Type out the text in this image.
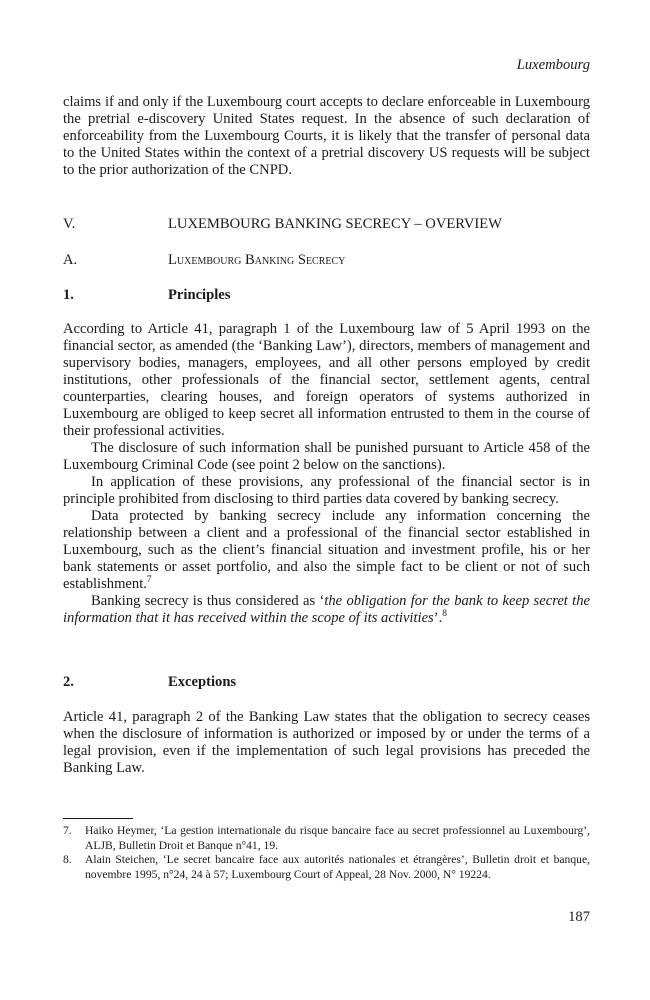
Luxembourg

claims if and only if the Luxembourg court accepts to declare enforceable in Luxembourg the pretrial e-discovery United States request. In the absence of such declaration of enforceability from the Luxembourg Courts, it is likely that the transfer of personal data to the United States within the context of a pretrial discovery US requests will be subject to the prior authorization of the CNPD.

V.	LUXEMBOURG BANKING SECRECY – OVERVIEW
A.	Luxembourg Banking Secrecy
1.	Principles

According to Article 41, paragraph 1 of the Luxembourg law of 5 April 1993 on the financial sector, as amended (the ‘Banking Law’), directors, members of management and supervisory bodies, managers, employees, and all other persons employed by credit institutions, other professionals of the financial sector, settlement agents, central counterparties, clearing houses, and foreign operators of systems authorized in Luxembourg are obliged to keep secret all information entrusted to them in the course of their professional activities.

The disclosure of such information shall be punished pursuant to Article 458 of the Luxembourg Criminal Code (see point 2 below on the sanctions).

In application of these provisions, any professional of the financial sector is in principle prohibited from disclosing to third parties data covered by banking secrecy.

Data protected by banking secrecy include any information concerning the relationship between a client and a professional of the financial sector established in Luxembourg, such as the client’s financial situation and investment profile, his or her bank statements or asset portfolio, and also the simple fact to be client or not of such establishment.$^7$

Banking secrecy is thus considered as ‘the obligation for the bank to keep secret the information that it has received within the scope of its activities’.$^8$

2.	Exceptions

Article 41, paragraph 2 of the Banking Law states that the obligation to secrecy ceases when the disclosure of information is authorized or imposed by or under the terms of a legal provision, even if the implementation of such legal provisions has preceded the Banking Law.

7.	Haiko Heymer, ‘La gestion internationale du risque bancaire face au secret professionnel au Luxembourg’, ALJB, Bulletin Droit et Banque n°41, 19.
8.	Alain Steichen, ‘Le secret bancaire face aux autorités nationales et étrangères’, Bulletin droit et banque, novembre 1995, n°24, 24 à 57; Luxembourg Court of Appeal, 28 Nov. 2000, N° 19224.
187
